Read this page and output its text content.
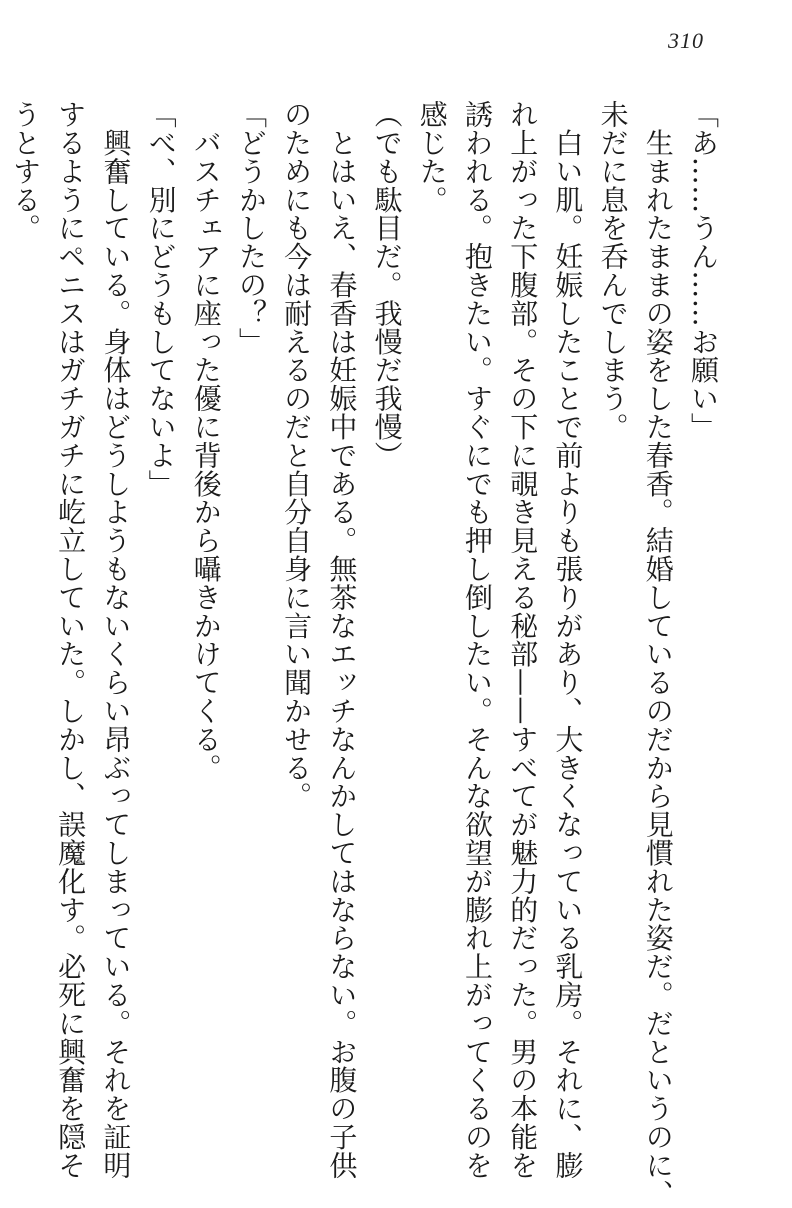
310
「あ……うん……お願い」
　生まれたままの姿をした春香。結婚しているのだから見慣れた姿だ。だというのに、
未だに息を呑んでしまう。
　白い肌。妊娠したことで前よりも張りがあり、大きくなっている乳房。それに、膨
れ上がった下腹部。その下に覗き見える秘部——すべてが魅力的だった。男の本能を
誘われる。抱きたい。すぐにでも押し倒したい。そんな欲望が膨れ上がってくるのを
感じた。
（でも駄目だ。我慢だ我慢）
　とはいえ、春香は妊娠中である。無茶なエッチなんかしてはならない。お腹の子供
のためにも今は耐えるのだと自分自身に言い聞かせる。
「どうかしたの？」
　バスチェアに座った優に背後から囁きかけてくる。
「べ、別にどうもしてないよ」
　興奮している。身体はどうしようもないくらい昂ぶってしまっている。それを証明
するようにペニスはガチガチに屹立していた。しかし、誤魔化す。必死に興奮を隠そ
うとする。
